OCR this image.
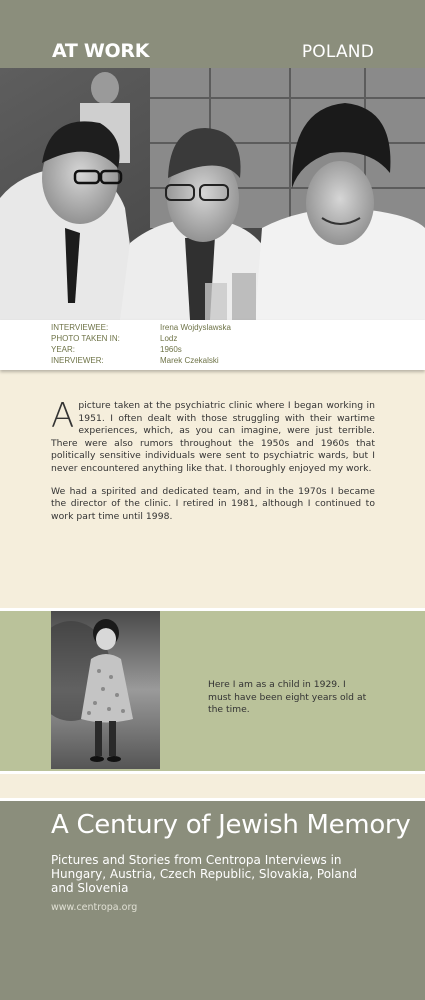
AT WORK	POLAND
INTERVIEWEE:	Irena Wojdyslawska
PHOTO TAKEN IN:	Lodz
YEAR:	1960s
INERVIEWER:	Marek Czekalski

A picture taken at the psychiatric clinic where I began working in 1951. I often dealt with those struggling with their wartime experiences, which, as you can imagine, were just terrible. There were also rumors throughout the 1950s and 1960s that politically sensitive individuals were sent to psychiatric wards, but I never encountered anything like that. I thoroughly enjoyed my work.

We had a spirited and dedicated team, and in the 1970s I became the director of the clinic. I retired in 1981, although I continued to work part time until 1998.

Here I am as a child in 1929. I must have been eight years old at the time.
A Century of Jewish Memory
Pictures and Stories from Centropa Interviews in Hungary, Austria, Czech Republic, Slovakia, Poland and Slovenia
www.centropa.org
